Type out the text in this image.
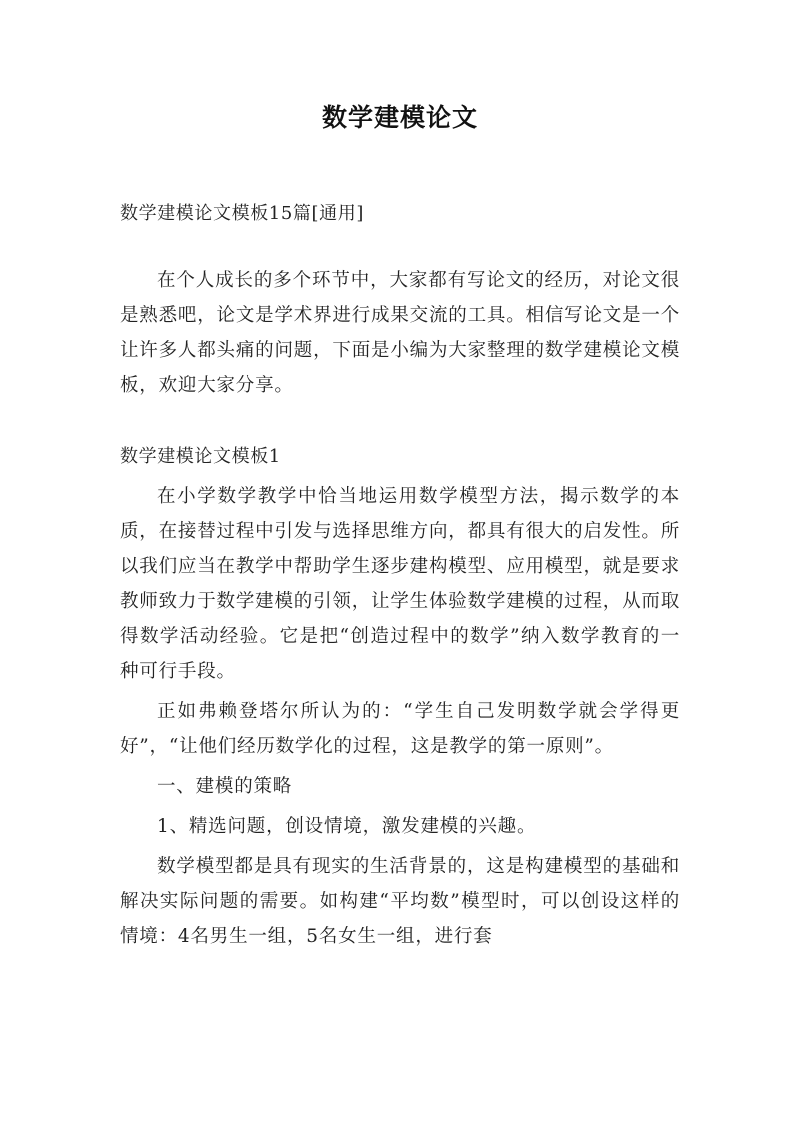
数学建模论文
数学建模论文模板15篇[通用]

在个人成长的多个环节中，大家都有写论文的经历，对论文很是熟悉吧，论文是学术界进行成果交流的工具。相信写论文是一个让许多人都头痛的问题，下面是小编为大家整理的数学建模论文模板，欢迎大家分享。

数学建模论文模板1

在小学数学教学中恰当地运用数学模型方法，揭示数学的本质，在接替过程中引发与选择思维方向，都具有很大的启发性。所以我们应当在教学中帮助学生逐步建构模型、应用模型，就是要求教师致力于数学建模的引领，让学生体验数学建模的过程，从而取得数学活动经验。它是把“创造过程中的数学”纳入数学教育的一种可行手段。

正如弗赖登塔尔所认为的：“学生自己发明数学就会学得更好”，“让他们经历数学化的过程，这是教学的第一原则”。

一、建模的策略

1、精选问题，创设情境，激发建模的兴趣。

数学模型都是具有现实的生活背景的，这是构建模型的基础和解决实际问题的需要。如构建“平均数”模型时，可以创设这样的情境：4名男生一组，5名女生一组，进行套
